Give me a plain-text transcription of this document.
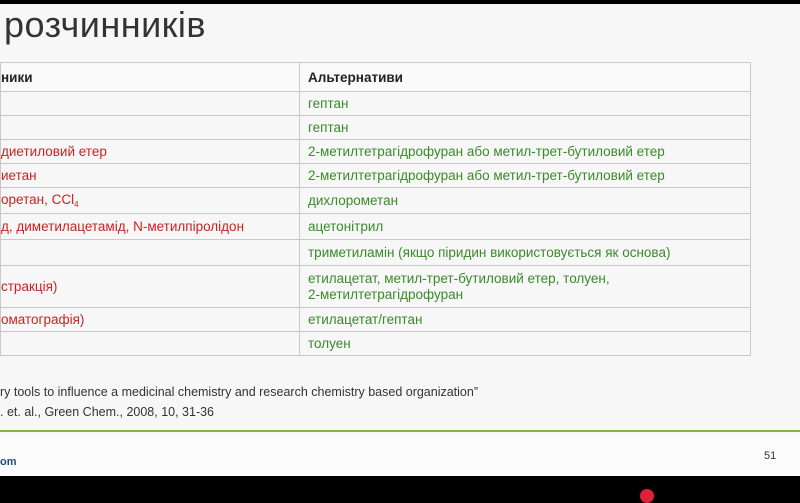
розчинників
ники	Альтернативи
	гептан
	гептан
диетиловий етер	2-метилтетрагідрофуран або метил-трет-бутиловий етер
иетан	2-метилтетрагідрофуран або метил-трет-бутиловий етер
оретан, CCl$_4$	дихлорометан
д, диметилацетамід, N-метилпіролідон	ацетонітрил
	триметиламін (якщо піридин використовується як основа)
стракція)	етилацетат, метил-трет-бутиловий етер, толуен,
2-метилтетрагідрофуран

оматографія)	етилацетат/гептан
	толуен
ry tools to influence a medicinal chemistry and research chemistry based organization”
. et. al., Green Chem., 2008, 10, 31-36
om	51
